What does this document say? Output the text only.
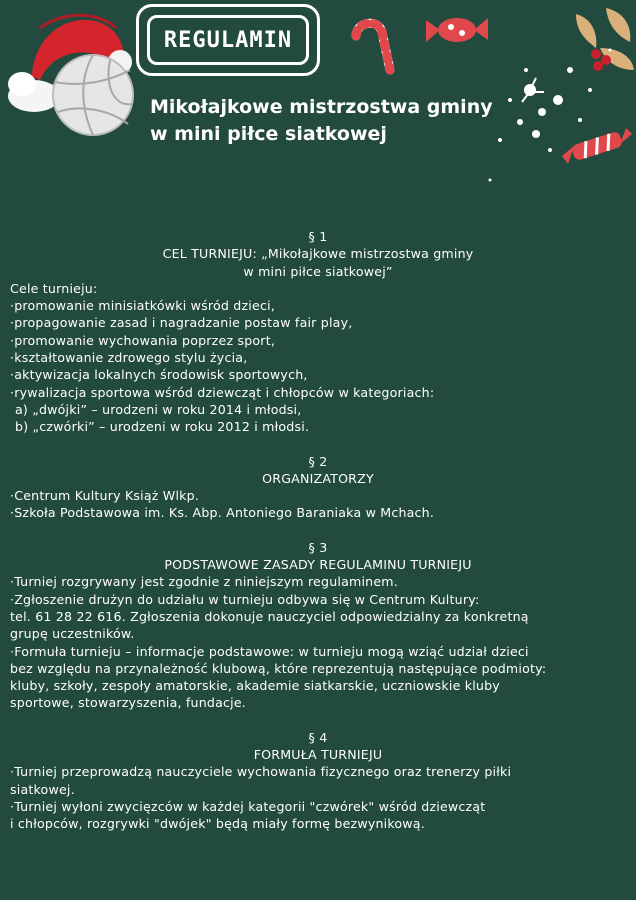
REGULAMIN
Mikołajkowe mistrzostwa gminy
w mini piłce siatkowej
§ 1
CEL TURNIEJU: „Mikołajkowe mistrzostwa gminy
w mini piłce siatkowej”
Cele turnieju:
·promowanie minisiatkówki wśród dzieci,
·propagowanie zasad i nagradzanie postaw fair play,
·promowanie wychowania poprzez sport,
·kształtowanie zdrowego stylu życia,
·aktywizacja lokalnych środowisk sportowych,
·rywalizacja sportowa wśród dziewcząt i chłopców w kategoriach:
a) „dwójki” – urodzeni w roku 2014 i młodsi,
b) „czwórki” – urodzeni w roku 2012 i młodsi.
§ 2
ORGANIZATORZY
·Centrum Kultury Książ Wlkp.
·Szkoła Podstawowa im. Ks. Abp. Antoniego Baraniaka w Mchach.
§ 3
PODSTAWOWE ZASADY REGULAMINU TURNIEJU
·Turniej rozgrywany jest zgodnie z niniejszym regulaminem.
·Zgłoszenie drużyn do udziału w turnieju odbywa się w Centrum Kultury:
tel. 61 28 22 616. Zgłoszenia dokonuje nauczyciel odpowiedzialny za konkretną
grupę uczestników.
·Formuła turnieju – informacje podstawowe: w turnieju mogą wziąć udział dzieci
bez względu na przynależność klubową, które reprezentują następujące podmioty:
kluby, szkoły, zespoły amatorskie, akademie siatkarskie, uczniowskie kluby
sportowe, stowarzyszenia, fundacje.
§ 4
FORMUŁA TURNIEJU
·Turniej przeprowadzą nauczyciele wychowania fizycznego oraz trenerzy piłki
siatkowej.
·Turniej wyłoni zwycięzców w każdej kategorii "czwórek" wśród dziewcząt
i chłopców, rozgrywki "dwójek" będą miały formę bezwynikową.
